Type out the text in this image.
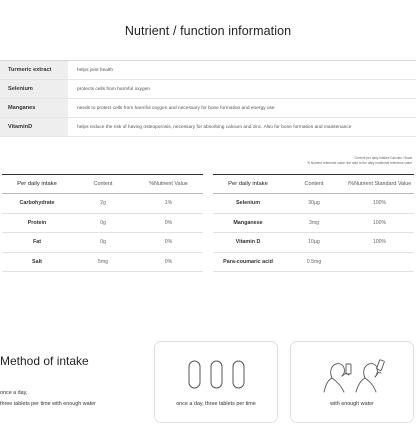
Nutrient / function information
Turmeric extract	helps joint health
Selenium	protects cells from harmful oxygen
Manganes	needs to protect cells from harmful oxygen and necessary for bone formation and energy use
VitaminD	helps reduce the risk of having osteoporosis, necessary for absorbing calcium and zinc. Also for bone formation and maintenance
Content per daily intakes Calories / 6kcal
% Nutrient reference value: the ratio to the daily nutritional reference value
Per daily intake	Content	%Nutrient Value
Carbohydrate	2g	1%
Protein	0g	0%
Fat	0g	0%
Salt	5mg	0%
Per daily intake	Content	/%Nutrient Standard Value
Selenium	30µg	100%
Manganese	3mg	100%
Vitamin D	10µg	100%
Para-coumaric acid	0.5mg
Method of intake
once a day,
three tablets per time with enough water	once a day, three tablets per time	with enough water
